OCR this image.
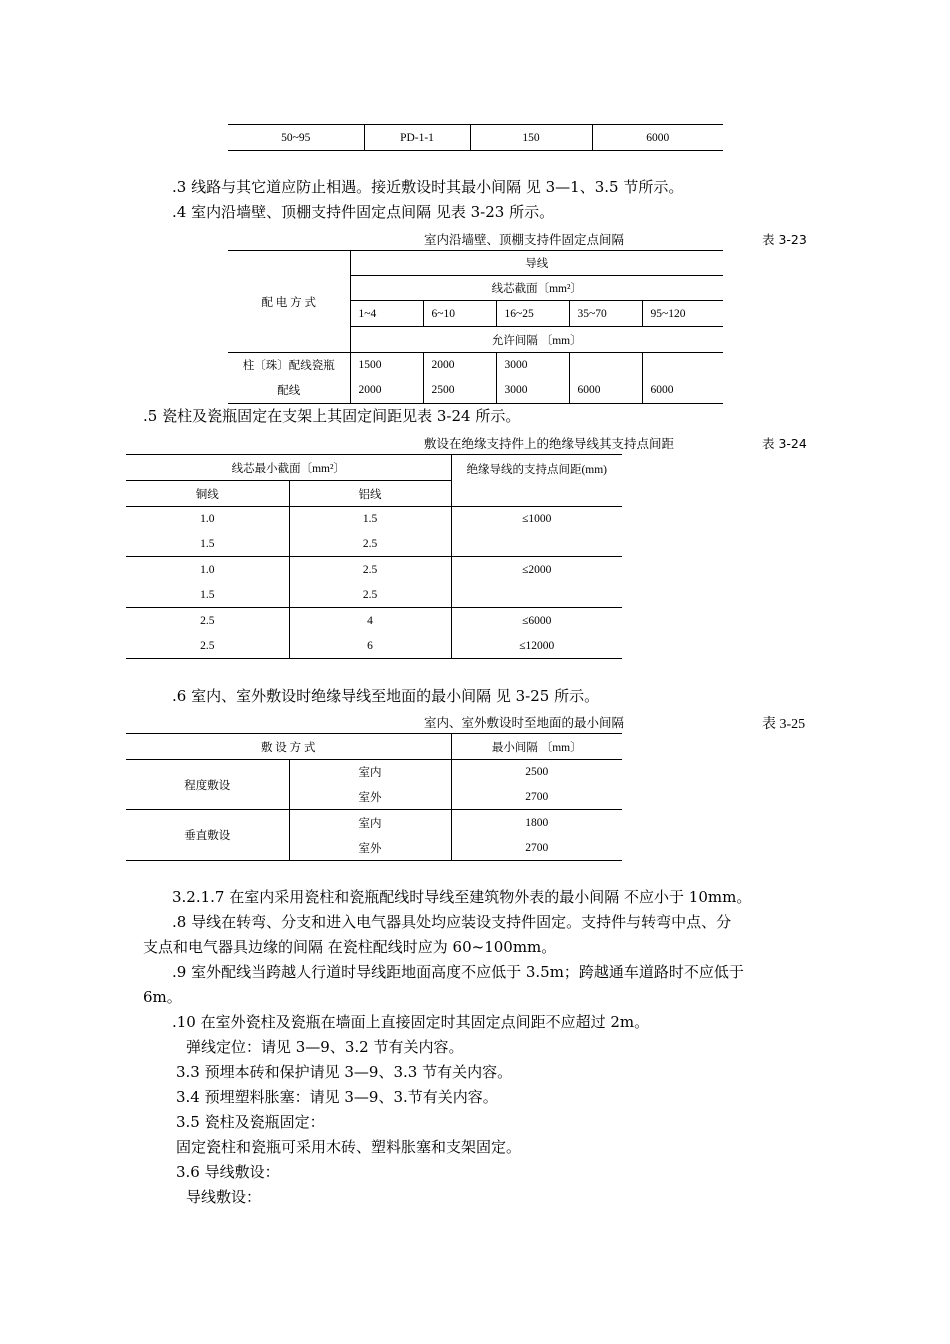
50~95	PD-1-1	150	6000
.3 线路与其它道应防止相遇。接近敷设时其最小间隔 见 3—1、3.5 节所示。
.4 室内沿墙壁、顶棚支持件固定点间隔 见表 3-23 所示。
室内沿墙壁、顶棚支持件固定点间隔	表 3-23
配 电 方 式	导线				
	线芯截面〔mm²〕				
	1~4	6~10	16~25	35~70	95~120
	允许间隔 〔mm〕				
柱〔珠〕配线瓷瓶	1500	2000	3000		
配线	2000	2500	3000	6000	6000
.5 瓷柱及瓷瓶固定在支架上其固定间距见表 3-24 所示。
敷设在绝缘支持件上的绝缘导线其支持点间距	表 3-24
线芯最小截面〔mm²〕		绝缘导线的支持点间距(mm)
铜线	铝线	
1.0	1.5	≤1000
1.5	2.5	
1.0	2.5	≤2000
1.5	2.5	
2.5	4	≤6000
2.5	6	≤12000
.6 室内、室外敷设时绝缘导线至地面的最小间隔 见 3-25 所示。
室内、室外敷设时至地面的最小间隔	表 3-25
敷 设 方 式		最小间隔 〔mm〕
程度敷设	室内	2500
	室外	2700
垂直敷设	室内	1800
	室外	2700
3.2.1.7 在室内采用瓷柱和瓷瓶配线时导线至建筑物外表的最小间隔 不应小于 10mm。
.8 导线在转弯、分支和进入电气器具处均应装设支持件固定。支持件与转弯中点、分
支点和电气器具边缘的间隔 在瓷柱配线时应为 60~100mm。
.9 室外配线当跨越人行道时导线距地面高度不应低于 3.5m；跨越通车道路时不应低于
6m。
.10 在室外瓷柱及瓷瓶在墙面上直接固定时其固定点间距不应超过 2m。
弹线定位：请见 3—9、3.2 节有关内容。
3.3 预埋本砖和保护请见 3—9、3.3 节有关内容。
3.4 预埋塑料胀塞：请见 3—9、3.节有关内容。
3.5 瓷柱及瓷瓶固定：
固定瓷柱和瓷瓶可采用木砖、塑料胀塞和支架固定。
3.6 导线敷设：
导线敷设：
